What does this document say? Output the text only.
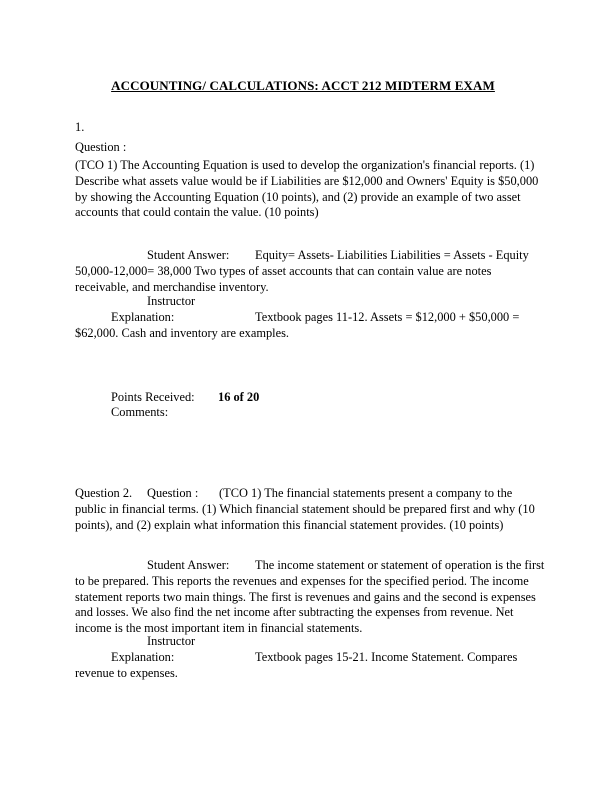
ACCOUNTING/ CALCULATIONS: ACCT 212 MIDTERM EXAM
1.
Question :
(TCO 1) The Accounting Equation is used to develop the organization's financial reports. (1) Describe what assets value would be if Liabilities are $12,000 and Owners' Equity is $50,000 by showing the Accounting Equation (10 points), and (2) provide an example of two asset accounts that could contain the value. (10 points)
Student Answer: Equity= Assets- Liabilities Liabilities = Assets - Equity 50,000-12,000= 38,000 Two types of asset accounts that can contain value are notes receivable, and merchandise inventory.
Instructor Explanation:	Textbook pages 11-12. Assets = $12,000 + $50,000 = $62,000. Cash and inventory are examples.
Points Received: 16 of 20
Comments:
Question 2. Question : (TCO 1) The financial statements present a company to the public in financial terms. (1) Which financial statement should be prepared first and why (10 points), and (2) explain what information this financial statement provides. (10 points)
Student Answer: The income statement or statement of operation is the first to be prepared. This reports the revenues and expenses for the specified period. The income statement reports two main things. The first is revenues and gains and the second is expenses and losses. We also find the net income after subtracting the expenses from revenue. Net income is the most important item in financial statements.
Instructor Explanation:	Textbook pages 15-21. Income Statement. Compares revenue to expenses.
